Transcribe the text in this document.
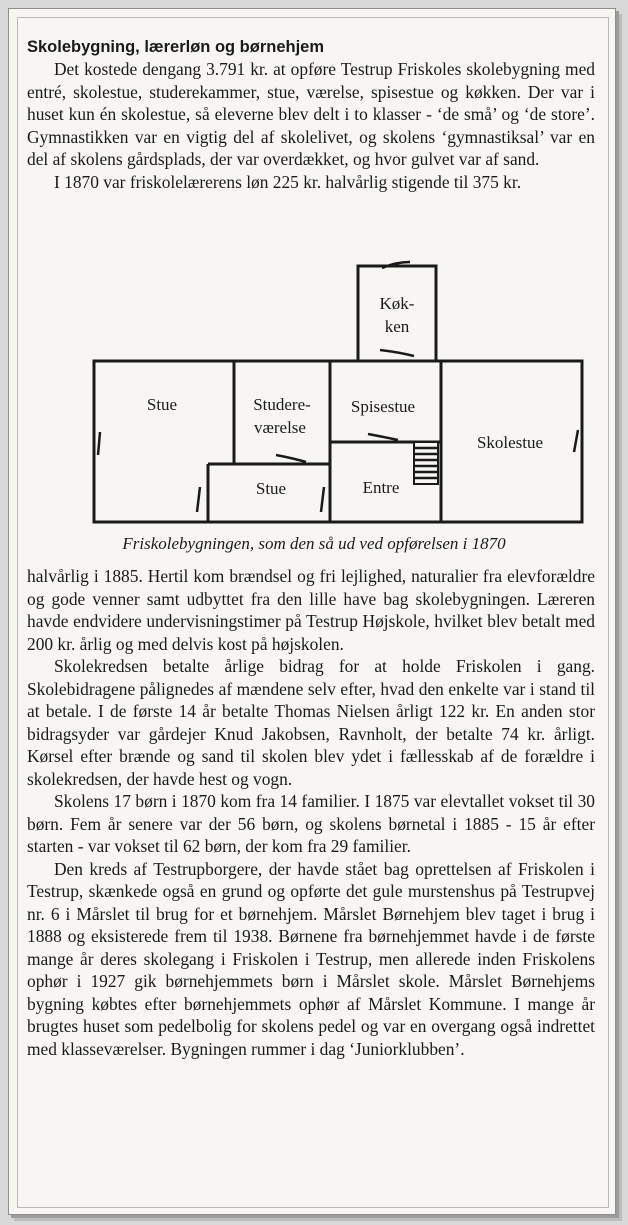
Skolebygning, lærerløn og børnehjem

Det kostede dengang 3.791 kr. at opføre Testrup Friskoles skolebygning med entré, skolestue, studerekammer, stue, værelse, spisestue og køkken. Der var i huset kun én skolestue, så eleverne blev delt i to klasser - ‘de små’ og ‘de store’. Gymnastikken var en vigtig del af skolelivet, og skolens ‘gymnastiksal’ var en del af skolens gårdsplads, der var overdækket, og hvor gulvet var af sand.

I 1870 var friskolelærerens løn 225 kr. halvårlig stigende til 375 kr.

Stue	Studere-
værelse
Stue
Spisestue
Entre
Køk-
ken
Skolestue
Friskolebygningen, som den så ud ved opførelsen i 1870

halvårlig i 1885. Hertil kom brændsel og fri lejlighed, naturalier fra elevforældre og gode venner samt udbyttet fra den lille have bag skolebygningen. Læreren havde endvidere undervisningstimer på Testrup Højskole, hvilket blev betalt med 200 kr. årlig og med delvis kost på højskolen.

Skolekredsen betalte årlige bidrag for at holde Friskolen i gang. Skolebidragene pålignedes af mændene selv efter, hvad den enkelte var i stand til at betale. I de første 14 år betalte Thomas Nielsen årligt 122 kr. En anden stor bidragsyder var gårdejer Knud Jakobsen, Ravnholt, der betalte 74 kr. årligt. Kørsel efter brænde og sand til skolen blev ydet i fællesskab af de forældre i skolekredsen, der havde hest og vogn.

Skolens 17 børn i 1870 kom fra 14 familier. I 1875 var elevtallet vokset til 30 børn. Fem år senere var der 56 børn, og skolens børnetal i 1885 - 15 år efter starten - var vokset til 62 børn, der kom fra 29 familier.

Den kreds af Testrupborgere, der havde stået bag oprettelsen af Friskolen i Testrup, skænkede også en grund og opførte det gule murstenshus på Testrupvej nr. 6 i Mårslet til brug for et børnehjem. Mårslet Børnehjem blev taget i brug i 1888 og eksisterede frem til 1938. Børnene fra børnehjemmet havde i de første mange år deres skolegang i Friskolen i Testrup, men allerede inden Friskolens ophør i 1927 gik børnehjemmets børn i Mårslet skole. Mårslet Børnehjems bygning købtes efter børnehjemmets ophør af Mårslet Kommune. I mange år brugtes huset som pedelbolig for skolens pedel og var en overgang også indrettet med klasseværelser. Bygningen rummer i dag ‘Juniorklubben’.
